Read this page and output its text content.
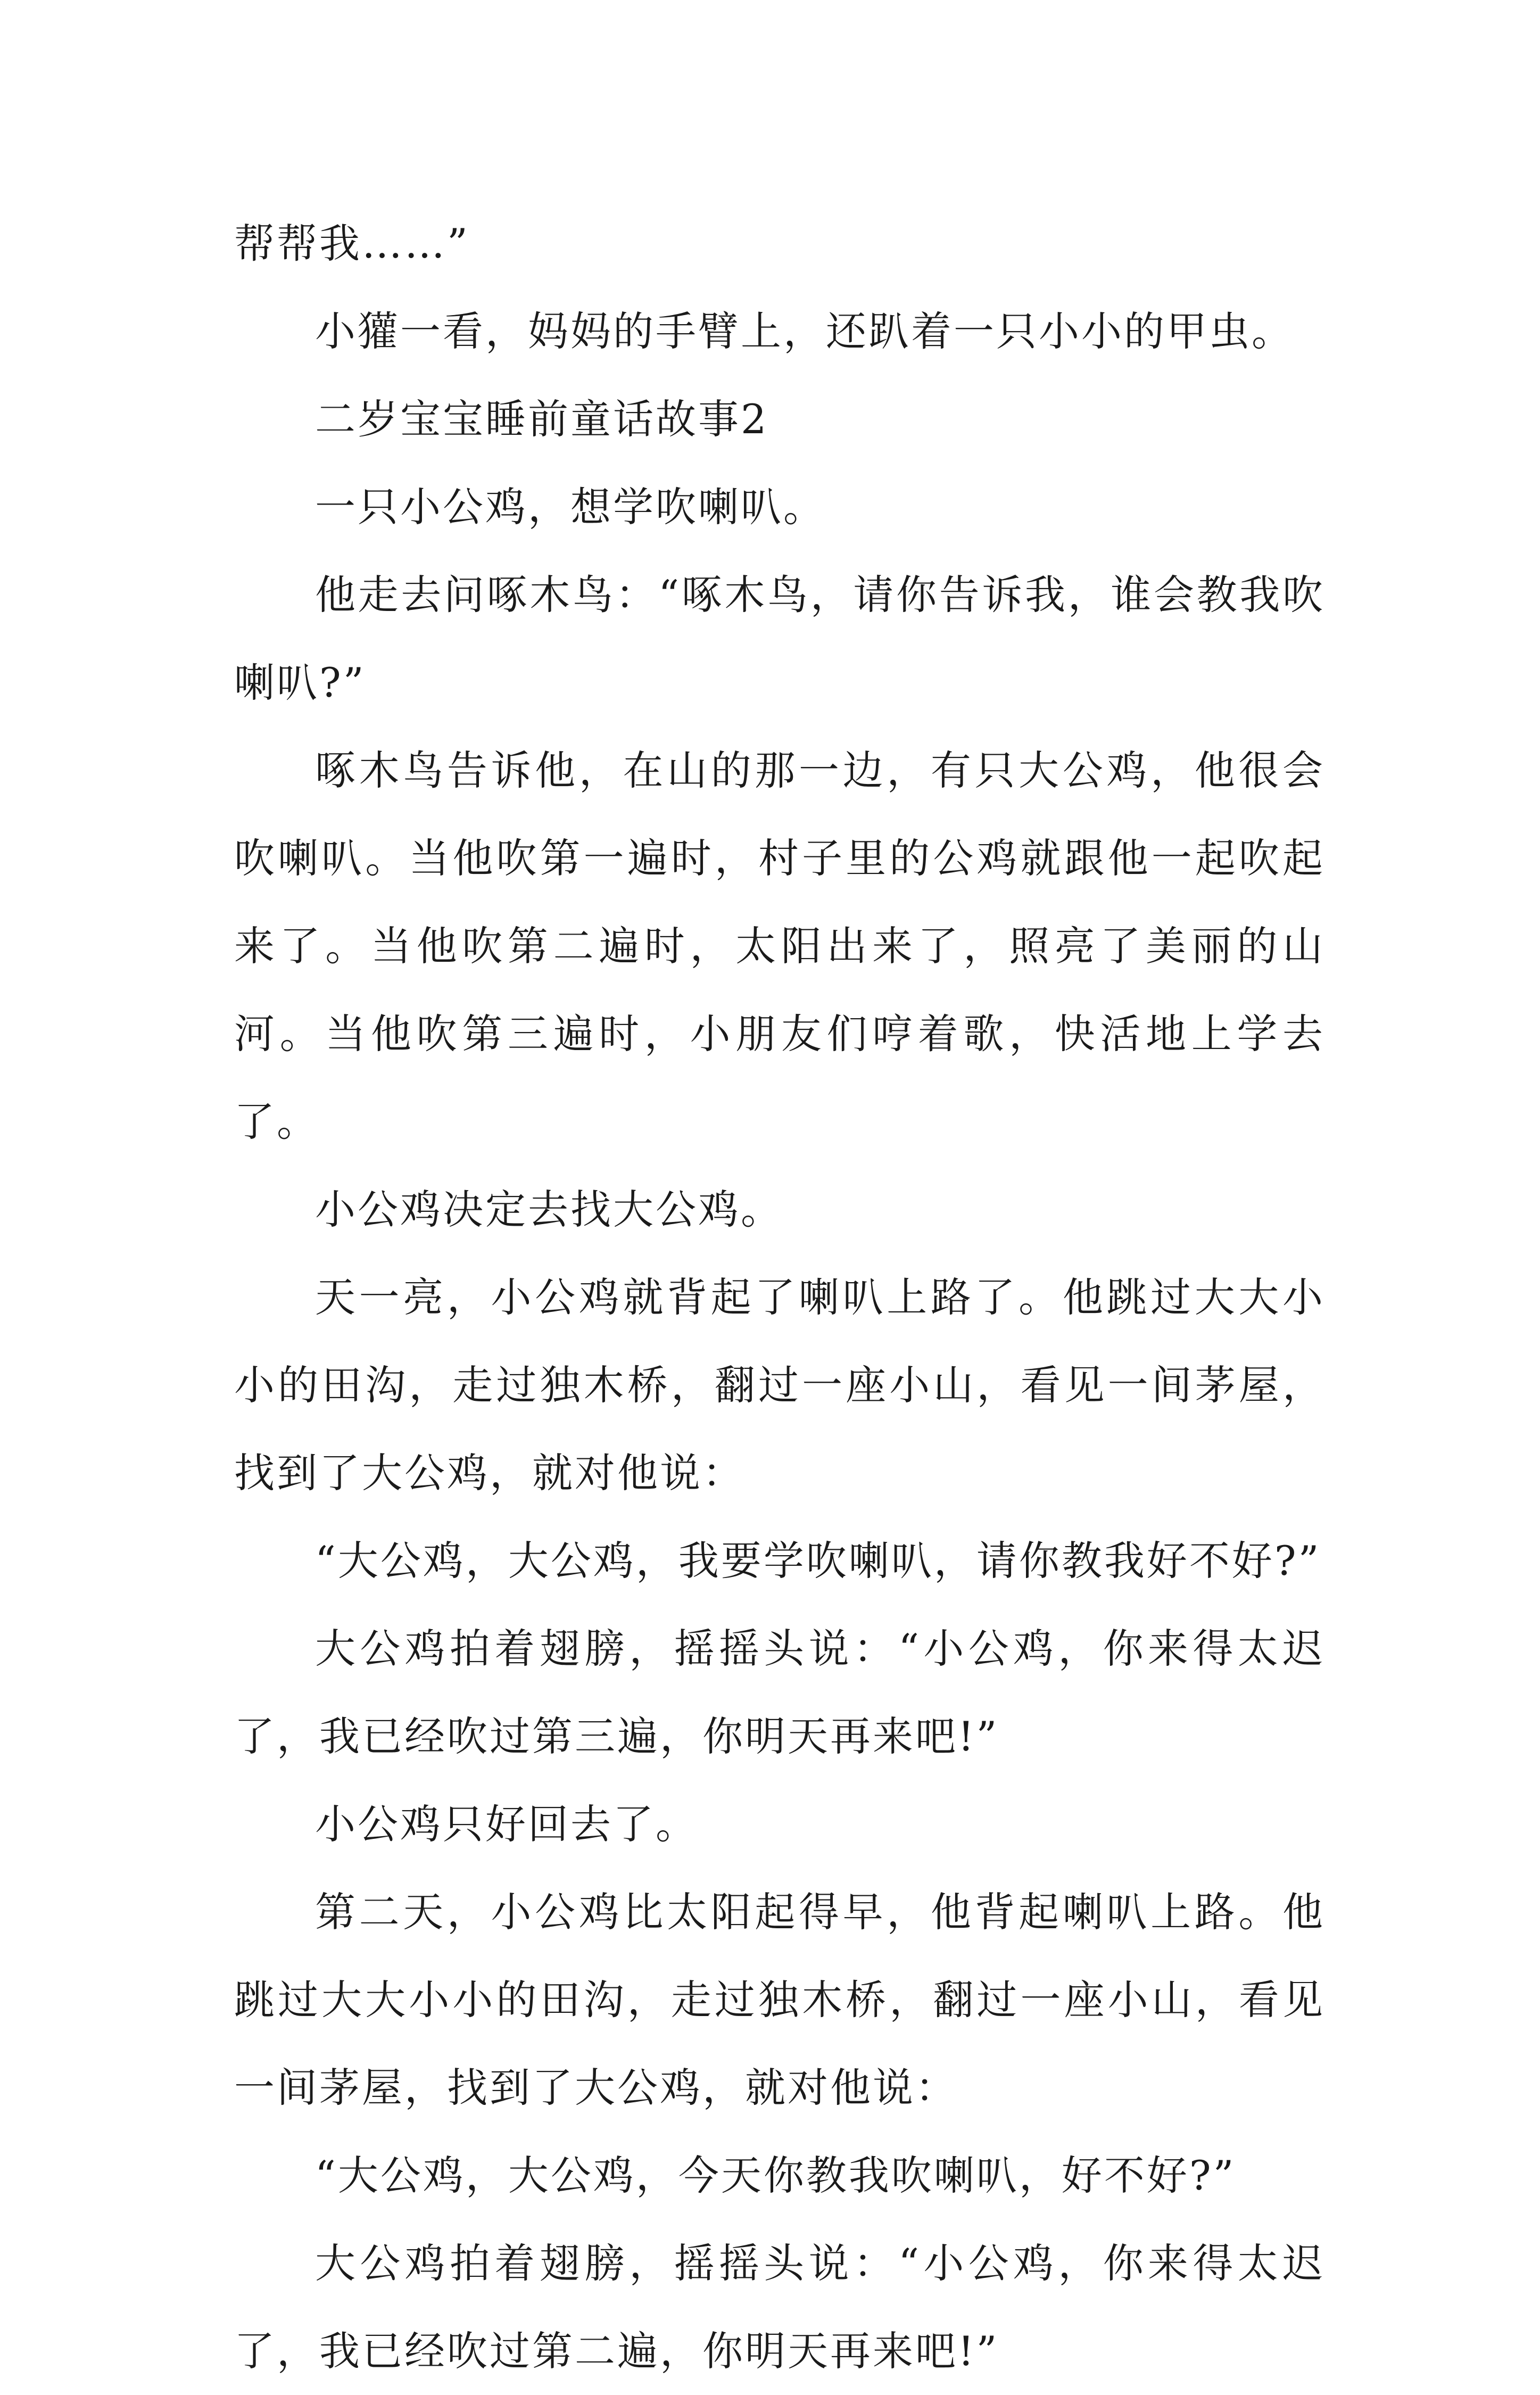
帮帮我……”

小獾一看，妈妈的手臂上，还趴着一只小小的甲虫。

二岁宝宝睡前童话故事2

一只小公鸡，想学吹喇叭。

他走去问啄木鸟：“啄木鸟，请你告诉我，谁会教我吹喇叭?”

啄木鸟告诉他，在山的那一边，有只大公鸡，他很会吹喇叭。当他吹第一遍时，村子里的公鸡就跟他一起吹起来了。当他吹第二遍时，太阳出来了，照亮了美丽的山河。当他吹第三遍时，小朋友们哼着歌，快活地上学去了。

小公鸡决定去找大公鸡。

天一亮，小公鸡就背起了喇叭上路了。他跳过大大小小的田沟，走过独木桥，翻过一座小山，看见一间茅屋，找到了大公鸡，就对他说：

“大公鸡，大公鸡，我要学吹喇叭，请你教我好不好?”

大公鸡拍着翅膀，摇摇头说：“小公鸡，你来得太迟了，我已经吹过第三遍，你明天再来吧!”

小公鸡只好回去了。

第二天，小公鸡比太阳起得早，他背起喇叭上路。他跳过大大小小的田沟，走过独木桥，翻过一座小山，看见一间茅屋，找到了大公鸡，就对他说：

“大公鸡，大公鸡，今天你教我吹喇叭，好不好?”

大公鸡拍着翅膀，摇摇头说：“小公鸡，你来得太迟了，我已经吹过第二遍，你明天再来吧!”
